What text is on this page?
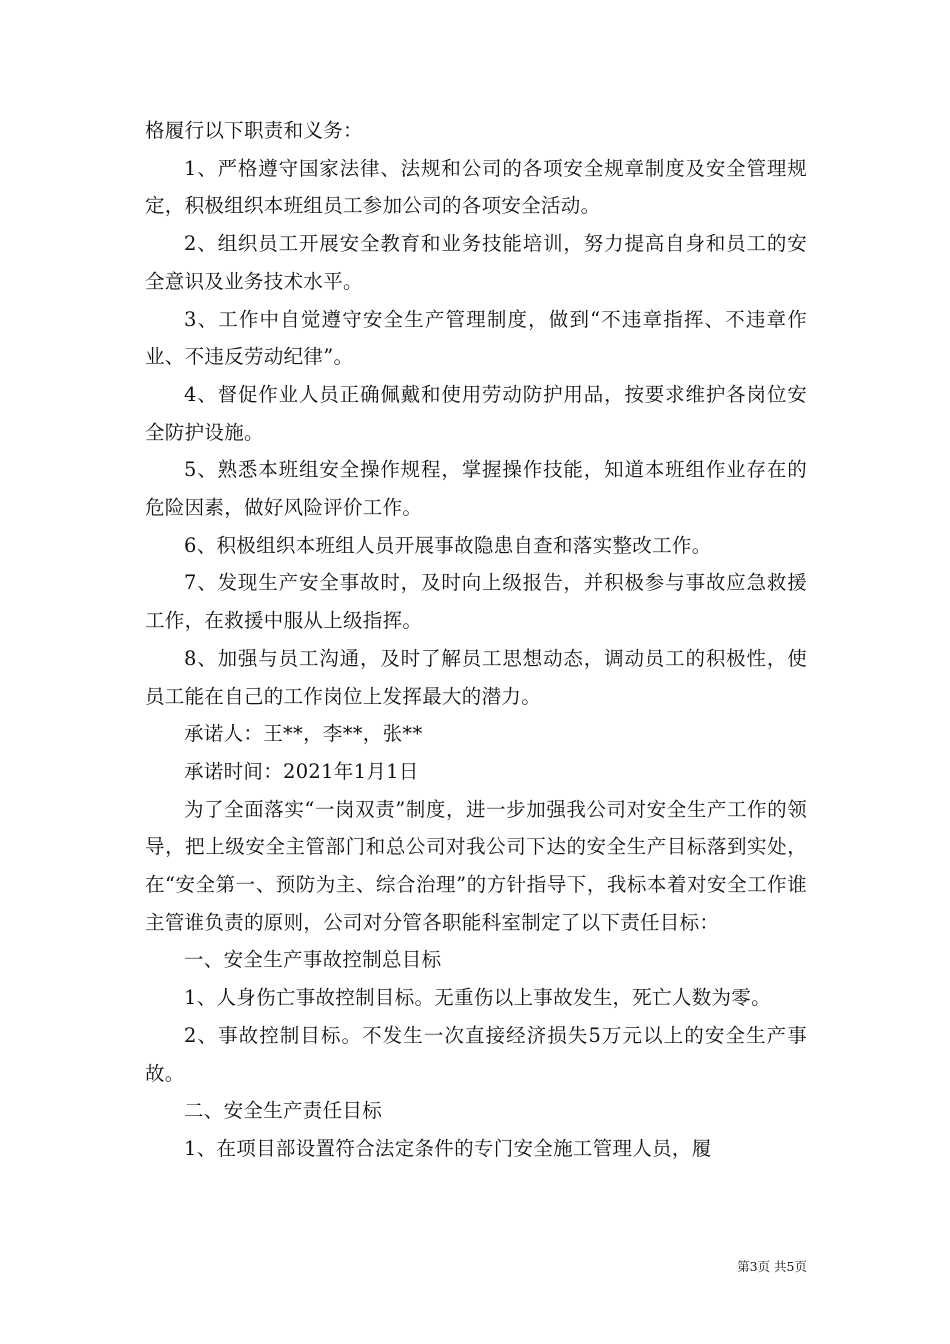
格履行以下职责和义务：

1、严格遵守国家法律、法规和公司的各项安全规章制度及安全管理规定，积极组织本班组员工参加公司的各项安全活动。

2、组织员工开展安全教育和业务技能培训，努力提高自身和员工的安全意识及业务技术水平。

3、工作中自觉遵守安全生产管理制度，做到“不违章指挥、不违章作业、不违反劳动纪律”。

4、督促作业人员正确佩戴和使用劳动防护用品，按要求维护各岗位安全防护设施。

5、熟悉本班组安全操作规程，掌握操作技能，知道本班组作业存在的危险因素，做好风险评价工作。

6、积极组织本班组人员开展事故隐患自查和落实整改工作。

7、发现生产安全事故时，及时向上级报告，并积极参与事故应急救援工作，在救援中服从上级指挥。

8、加强与员工沟通，及时了解员工思想动态，调动员工的积极性，使员工能在自己的工作岗位上发挥最大的潜力。

承诺人：王**，李**，张**

承诺时间：2021年1月1日

为了全面落实“一岗双责”制度，进一步加强我公司对安全生产工作的领导，把上级安全主管部门和总公司对我公司下达的安全生产目标落到实处，在“安全第一、预防为主、综合治理”的方针指导下，我标本着对安全工作谁主管谁负责的原则，公司对分管各职能科室制定了以下责任目标：

一、安全生产事故控制总目标

1、人身伤亡事故控制目标。无重伤以上事故发生，死亡人数为零。

2、事故控制目标。不发生一次直接经济损失5万元以上的安全生产事故。

二、安全生产责任目标

1、在项目部设置符合法定条件的专门安全施工管理人员，履

第3页 共5页
